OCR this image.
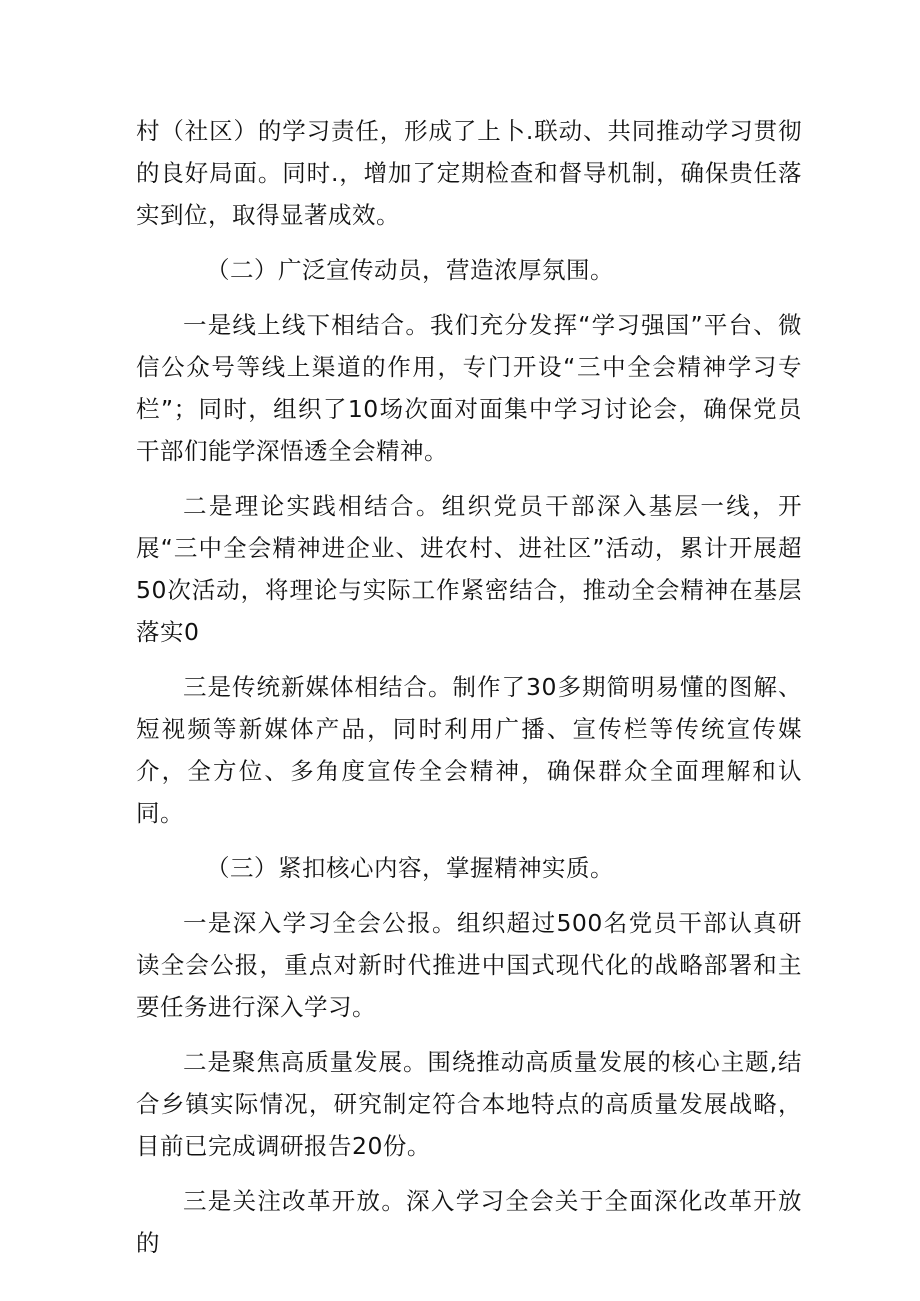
村（社区）的学习责任，形成了上卜.联动、共同推动学习贯彻的良好局面。同时.，增加了定期检查和督导机制，确保贵任落实到位，取得显著成效。

（二）广泛宣传动员，营造浓厚氛围。

一是线上线下相结合。我们充分发挥“学习强国”平台、微信公众号等线上渠道的作用，专门开设“三中全会精神学习专栏”；同时，组织了10场次面对面集中学习讨论会，确保党员干部们能学深悟透全会精神。

二是理论实践相结合。组织党员干部深入基层一线，开展“三中全会精神进企业、进农村、进社区”活动，累计开展超50次活动，将理论与实际工作紧密结合，推动全会精神在基层落实0

三是传统新媒体相结合。制作了30多期简明易懂的图解、短视频等新媒体产品，同时利用广播、宣传栏等传统宣传媒介，全方位、多角度宣传全会精神，确保群众全面理解和认同。

（三）紧扣核心内容，掌握精神实质。

一是深入学习全会公报。组织超过500名党员干部认真研读全会公报，重点对新时代推进中国式现代化的战略部署和主要任务进行深入学习。

二是聚焦高质量发展。围绕推动高质量发展的核心主题,结合乡镇实际情况，研究制定符合本地特点的高质量发展战略，目前已完成调研报告20份。

三是关注改革开放。深入学习全会关于全面深化改革开放的
